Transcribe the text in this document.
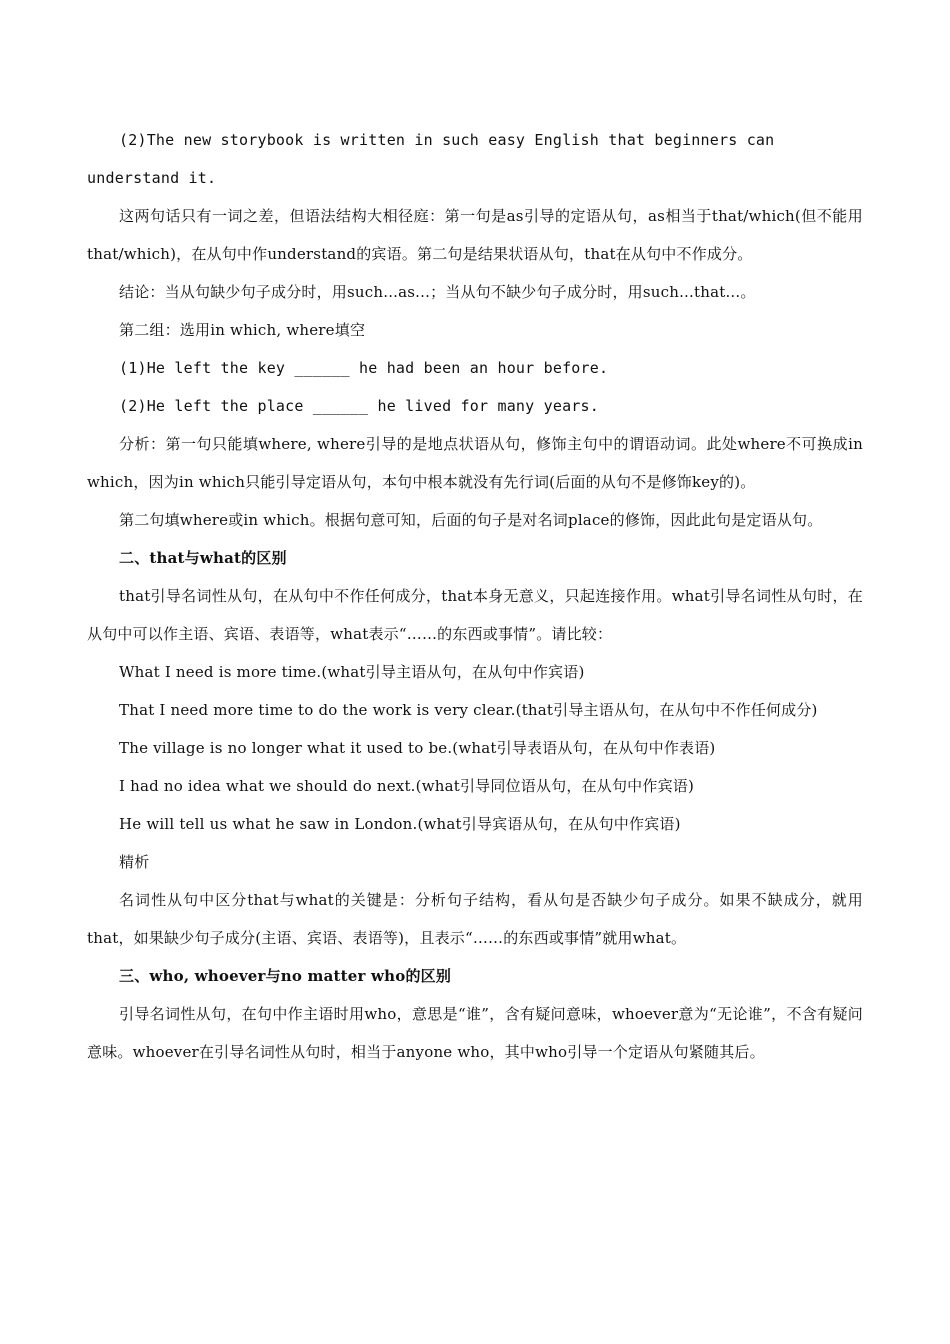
(2)The new storybook is written in such easy English that beginners can understand it.

这两句话只有一词之差，但语法结构大相径庭：第一句是as引导的定语从句，as相当于that/which(但不能用that/which)，在从句中作understand的宾语。第二句是结果状语从句，that在从句中不作成分。

结论：当从句缺少句子成分时，用such...as...；当从句不缺少句子成分时，用such...that...。

第二组：选用in which, where填空

(1)He left the key ______ he had been an hour before.

(2)He left the place ______ he lived for many years.

分析：第一句只能填where, where引导的是地点状语从句，修饰主句中的谓语动词。此处where不可换成in which，因为in which只能引导定语从句，本句中根本就没有先行词(后面的从句不是修饰key的)。

第二句填where或in which。根据句意可知，后面的句子是对名词place的修饰，因此此句是定语从句。

二、that与what的区别

that引导名词性从句，在从句中不作任何成分，that本身无意义，只起连接作用。what引导名词性从句时，在从句中可以作主语、宾语、表语等，what表示“……的东西或事情”。请比较：

What I need is more time.(what引导主语从句，在从句中作宾语)

That I need more time to do the work is very clear.(that引导主语从句，在从句中不作任何成分)

The village is no longer what it used to be.(what引导表语从句，在从句中作表语)

I had no idea what we should do next.(what引导同位语从句，在从句中作宾语)

He will tell us what he saw in London.(what引导宾语从句，在从句中作宾语)

精析

名词性从句中区分that与what的关键是：分析句子结构，看从句是否缺少句子成分。如果不缺成分，就用that，如果缺少句子成分(主语、宾语、表语等)，且表示“……的东西或事情”就用what。

三、who, whoever与no matter who的区别

引导名词性从句，在句中作主语时用who，意思是“谁”，含有疑问意味，whoever意为“无论谁”，不含有疑问意味。whoever在引导名词性从句时，相当于anyone who，其中who引导一个定语从句紧随其后。
